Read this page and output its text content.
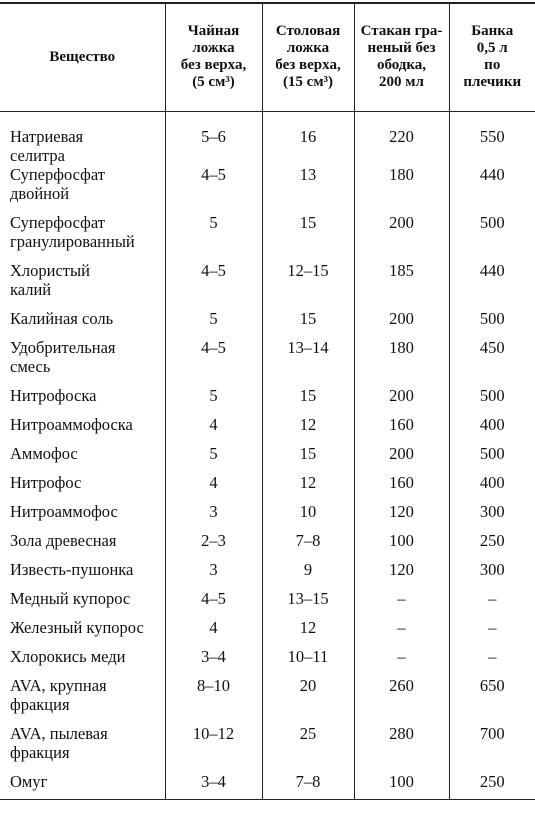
Вещество	Чайная
ложка
без верха,
(5 см³)	Столовая
ложка
без верха,
(15 см³)	Стакан гра-
неный без
ободка,
200 мл	Банка
0,5 л
по
плечики

Натриевая
селитра	5–6	16	220	550

Суперфосфат
двойной	4–5	13	180	440

Суперфосфат
гранулированный	5	15	200	500

Хлористый
калий	4–5	12–15	185	440

Калийная соль	5	15	200	500

Удобрительная
смесь	4–5	13–14	180	450

Нитрофоска	5	15	200	500

Нитроаммофоска	4	12	160	400

Аммофос	5	15	200	500

Нитрофос	4	12	160	400

Нитроаммофос	3	10	120	300

Зола древесная	2–3	7–8	100	250

Известь-пушонка	3	9	120	300

Медный купорос	4–5	13–15	–	–

Железный купорос	4	12	–	–

Хлорокись меди	3–4	10–11	–	–

AVA, крупная
фракция	8–10	20	260	650

AVA, пылевая
фракция	10–12	25	280	700

Омуг	3–4	7–8	100	250
